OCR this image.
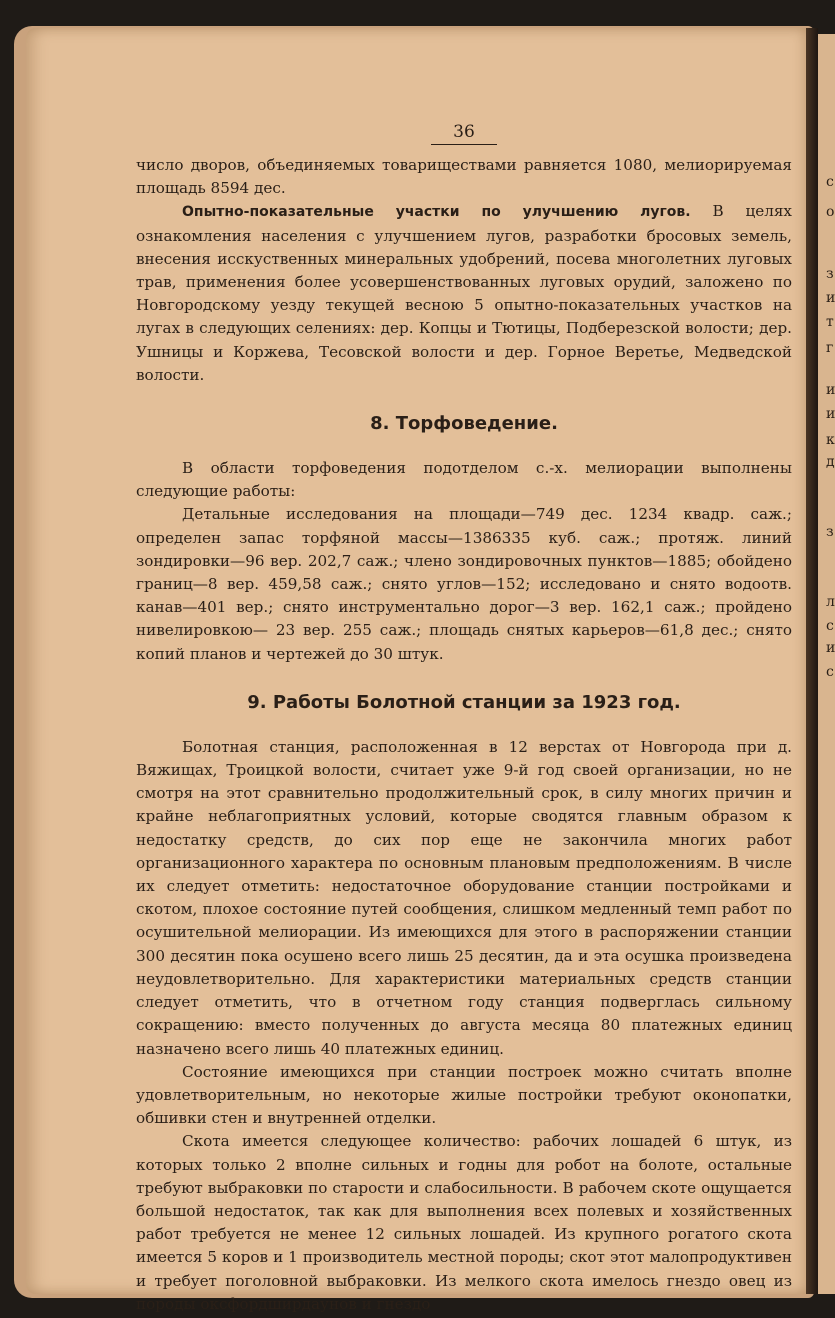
с
о
з
и
т
г
и
и
к
д
з
л
с
и
с
36

число дворов, объединяемых товариществами равняется 1080, мелиорируемая площадь 8594 дес.

Опытно-показательные участки по улучшению лугов. В целях ознакомления населения с улучшением лугов, разработки бросовых земель, внесения исскуственных минеральных удобрений, посева многолетних луговых трав, применения более усовершенствованных луговых орудий, заложено по Новгородскому уезду текущей весною 5 опытно-показательных участков на лугах в следующих селениях: дер. Копцы и Тютицы, Подберезской волости; дер. Ушницы и Коржева, Тесовской волости и дер. Горное Веретье, Медведской волости.

8. Торфоведение.

В области торфоведения подотделом с.-х. мелиорации выполнены следующие работы:

Детальные исследования на площади—749 дес. 1234 квадр. саж.; определен запас торфяной массы—1386335 куб. саж.; протяж. линий зондировки—96 вер. 202,7 саж.; члено зондировочных пунктов—1885; обойдено границ—8 вер. 459,58 саж.; снято углов—152; исследовано и снято водоотв. канав—401 вер.; снято инструментально дорог—3 вер. 162,1 саж.; пройдено нивелировкою— 23 вер. 255 саж.; площадь снятых карьеров—61,8 дес.; снято копий планов и чертежей до 30 штук.

9. Работы Болотной станции за 1923 год.

Болотная станция, расположенная в 12 верстах от Новгорода при д. Вяжищах, Троицкой волости, считает уже 9-й год своей организации, но не смотря на этот сравнительно продолжительный срок, в силу многих причин и крайне неблагоприятных условий, которые сводятся главным образом к недостатку средств, до сих пор еще не закончила многих работ организационного характера по основным плановым предположениям. В числе их следует отметить: недостаточное оборудование станции постройками и скотом, плохое состояние путей сообщения, слишком медленный темп работ по осушительной мелиорации. Из имеющихся для этого в распоряжении станции 300 десятин пока осушено всего лишь 25 десятин, да и эта осушка произведена неудовлетворительно. Для характеристики материальных средств станции следует отметить, что в отчетном году станция подверглась сильному сокращению: вместо полученных до августа месяца 80 платежных единиц назначено всего лишь 40 платежных единиц.

Состояние имеющихся при станции построек можно считать вполне удовлетворительным, но некоторые жилые постройки требуют оконопатки, обшивки стен и внутренней отделки.

Скота имеется следующее количество: рабочих лошадей 6 штук, из которых только 2 вполне сильных и годны для робот на болоте, остальные требуют выбраковки по старости и слабосильности. В рабочем скоте ощущается большой недостаток, так как для выполнения всех полевых и хозяйственных работ требуется не менее 12 сильных лошадей. Из крупного рогатого скота имеется 5 коров и 1 производитель местной породы; скот этот малопродуктивен и требует поголовной выбраковки. Из мелкого скота имелось гнездо овец из породы оксфордширдаунов и гнездо
